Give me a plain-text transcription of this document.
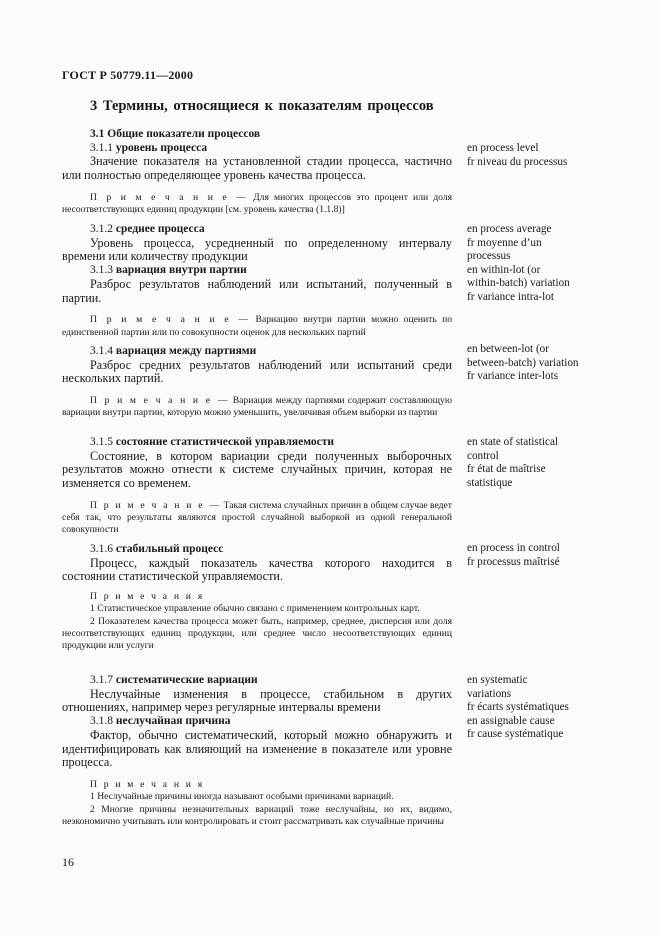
ГОСТ Р 50779.11—2000
3 Термины, относящиеся к показателям процессов
3.1 Общие показатели процессов
3.1.1 уровень процесса

Значение показателя на установленной стадии процесса, частично или полностью определяющее уровень качества процесса.

П р и м е ч а н и е — Для многих процессов это процент или доля несоответствующих единиц продукции [см. уровень качества (1.1.8)]

en process level
fr niveau du processus
3.1.2 среднее процесса

Уровень процесса, усредненный по определенному интервалу времени или количеству продукции

3.1.3 вариация внутри партии

Разброс результатов наблюдений или испытаний, полученный в партии.

П р и м е ч а н и е — Вариацию внутри партии можно оценить по единственной партии или по совокупности оценок для нескольких партий

en process average
fr moyenne d’un
processus
en within-lot (or
within-batch) variation
fr variance intra-lot
3.1.4 вариация между партиями

Разброс средних результатов наблюдений или испытаний среди нескольких партий.

П р и м е ч а н и е — Вариация между партиями содержит составляющую вариации внутри партии, которую можно уменьшить, увеличивая объем выборки из партии

en between-lot (or
between-batch) variation
fr variance inter-lots
3.1.5 состояние статистической управляемости

Состояние, в котором вариации среди полученных выборочных результатов можно отнести к системе случайных причин, которая не изменяется со временем.

П р и м е ч а н и е — Такая система случайных причин в общем случае ведет себя так, что результаты являются простой случайной выборкой из одной генеральной совокупности

en state of statistical
control
fr état de maîtrise
statistique
3.1.6 стабильный процесс

Процесс, каждый показатель качества которого находится в состоянии статистической управляемости.

П р и м е ч а н и я

1 Статистическое управление обычно связано с применением контрольных карт.

2 Показателем качества процесса может быть, например, среднее, дисперсия или доля несоответствующих единиц продукции, или среднее число несоответствующих единиц продукции или услуги

en process in control
fr processus maîtrisé
3.1.7 систематические вариации

Неслучайные изменения в процессе, стабильном в других отношениях, например через регулярные интервалы времени

3.1.8 неслучайная причина

Фактор, обычно систематический, который можно обнаружить и идентифицировать как влияющий на изменение в показателе или уровне процесса.

П р и м е ч а н и я

1 Неслучайные причины иногда называют особыми причинами вариаций.

2 Многие причины незначительных вариаций тоже неслучайны, но их, видимо, неэкономично учитывать или контролировать и стоит рассматривать как случайные причины

en systematic
variations
fr écarts systématiques
en assignable cause
fr cause systématique
16
